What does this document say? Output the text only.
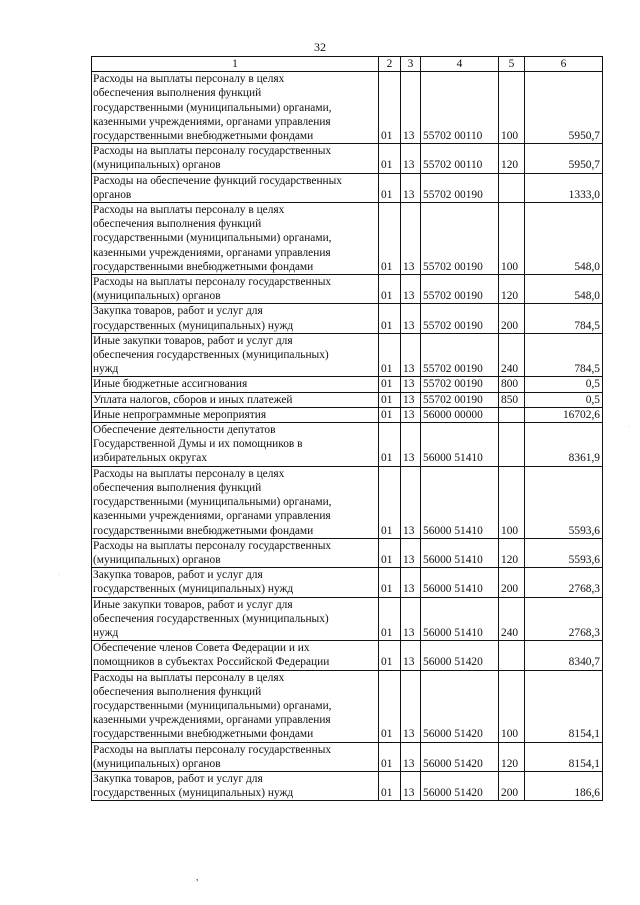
32
1	2	3	4	5	6
Расходы на выплаты персоналу в целях
обеспечения выполнения функций
государственными (муниципальными) органами,
казенными учреждениями, органами управления
государственными внебюджетными фондами	01	13	55702 00110	100	5950,7
Расходы на выплаты персоналу государственных
(муниципальных) органов	01	13	55702 00110	120	5950,7
Расходы на обеспечение функций государственных
органов	01	13	55702 00190		1333,0
Расходы на выплаты персоналу в целях
обеспечения выполнения функций
государственными (муниципальными) органами,
казенными учреждениями, органами управления
государственными внебюджетными фондами	01	13	55702 00190	100	548,0
Расходы на выплаты персоналу государственных
(муниципальных) органов	01	13	55702 00190	120	548,0
Закупка товаров, работ и услуг для
государственных (муниципальных) нужд	01	13	55702 00190	200	784,5
Иные закупки товаров, работ и услуг для
обеспечения государственных (муниципальных)
нужд	01	13	55702 00190	240	784,5
Иные бюджетные ассигнования	01	13	55702 00190	800	0,5
Уплата налогов, сборов и иных платежей	01	13	55702 00190	850	0,5
Иные непрограммные мероприятия	01	13	56000 00000		16702,6
Обеспечение деятельности депутатов
Государственной Думы и их помощников в
избирательных округах	01	13	56000 51410		8361,9
Расходы на выплаты персоналу в целях
обеспечения выполнения функций
государственными (муниципальными) органами,
казенными учреждениями, органами управления
государственными внебюджетными фондами	01	13	56000 51410	100	5593,6
Расходы на выплаты персоналу государственных
(муниципальных) органов	01	13	56000 51410	120	5593,6
Закупка товаров, работ и услуг для
государственных (муниципальных) нужд	01	13	56000 51410	200	2768,3
Иные закупки товаров, работ и услуг для
обеспечения государственных (муниципальных)
нужд	01	13	56000 51410	240	2768,3
Обеспечение членов Совета Федерации и их
помощников в субъектах Российской Федерации	01	13	56000 51420		8340,7
Расходы на выплаты персоналу в целях
обеспечения выполнения функций
государственными (муниципальными) органами,
казенными учреждениями, органами управления
государственными внебюджетными фондами	01	13	56000 51420	100	8154,1
Расходы на выплаты персоналу государственных
(муниципальных) органов	01	13	56000 51420	120	8154,1
Закупка товаров, работ и услуг для
государственных (муниципальных) нужд	01	13	56000 51420	200	186,6
,
·
·
